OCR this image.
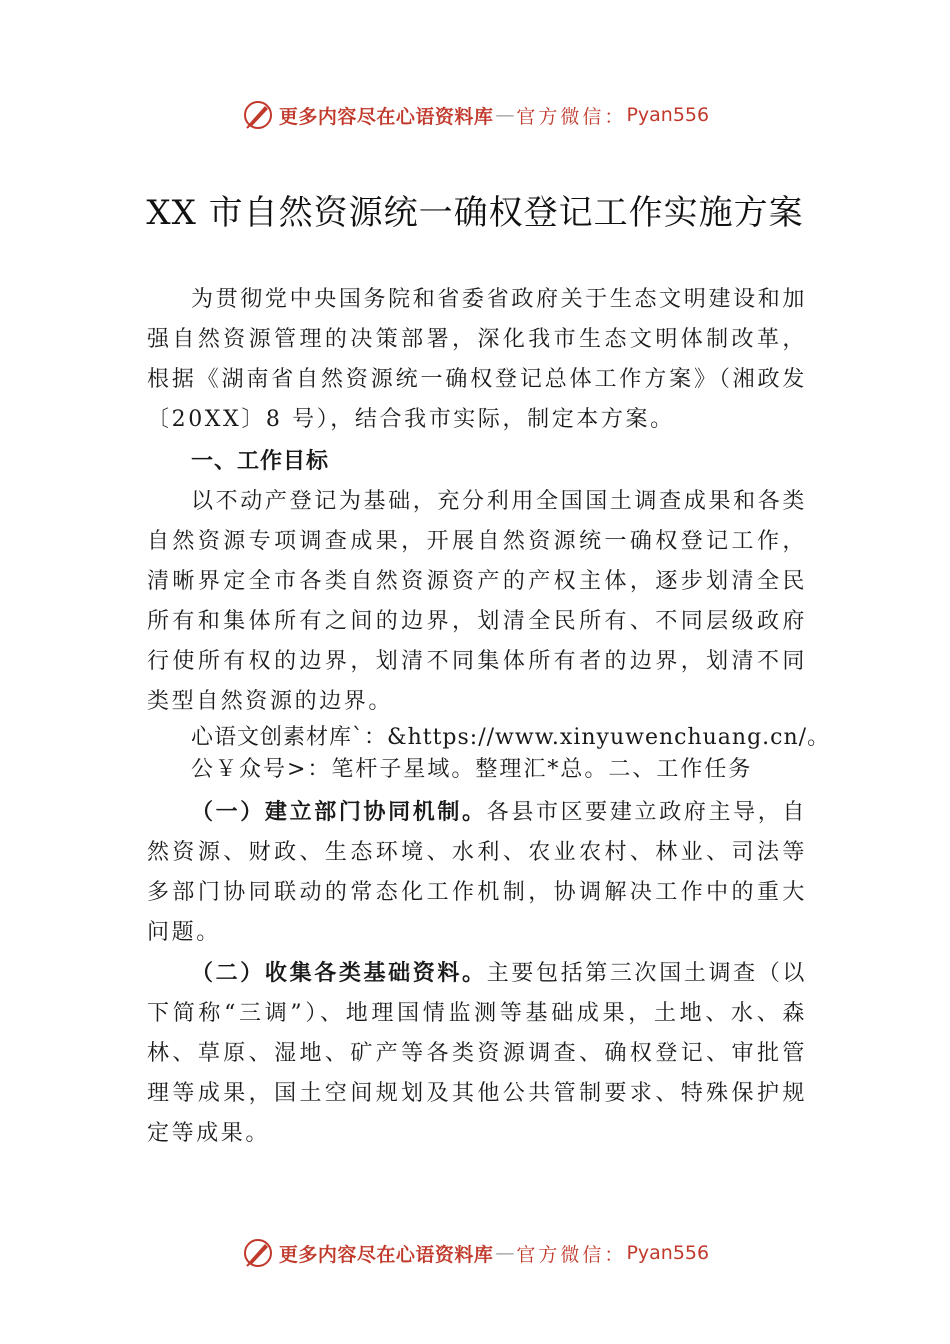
更多内容尽在心语资料库 — 官方微信： Pyan556
XX 市自然资源统一确权登记工作实施方案

为贯彻党中央国务院和省委省政府关于生态文明建设和加强自然资源管理的决策部署，深化我市生态文明体制改革，根据《湖南省自然资源统一确权登记总体工作方案》（湘政发〔20XX〕8 号），结合我市实际，制定本方案。

一、工作目标

以不动产登记为基础，充分利用全国国土调查成果和各类自然资源专项调查成果，开展自然资源统一确权登记工作，清晰界定全市各类自然资源资产的产权主体，逐步划清全民所有和集体所有之间的边界，划清全民所有、不同层级政府行使所有权的边界，划清不同集体所有者的边界，划清不同类型自然资源的边界。

心语文创素材库`：&https://www.xinyuwenchuang.cn/。

公￥众号>：笔杆子星域。整理汇*总。二、工作任务

（一）建立部门协同机制。各县市区要建立政府主导，自然资源、财政、生态环境、水利、农业农村、林业、司法等多部门协同联动的常态化工作机制，协调解决工作中的重大问题。

（二）收集各类基础资料。主要包括第三次国土调查（以下简称“三调”）、地理国情监测等基础成果，土地、水、森林、草原、湿地、矿产等各类资源调查、确权登记、审批管理等成果，国土空间规划及其他公共管制要求、特殊保护规定等成果。

更多内容尽在心语资料库 — 官方微信： Pyan556
